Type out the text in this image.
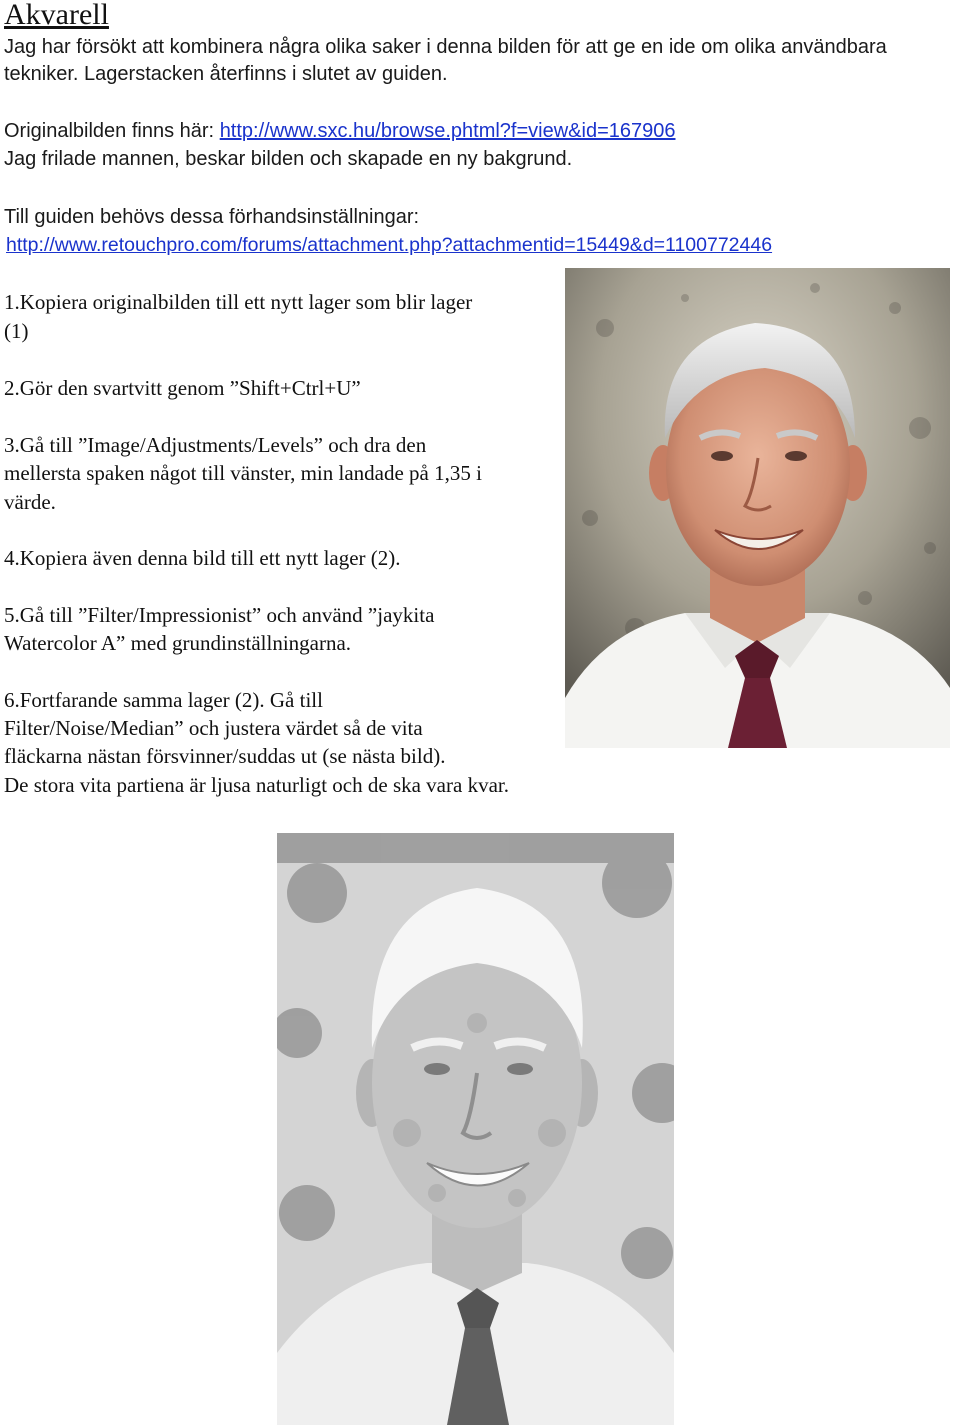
Akvarell
Jag har försökt att kombinera några olika saker i denna bilden för att ge en ide om olika användbara
tekniker. Lagerstacken återfinns i slutet av guiden.
Originalbilden finns här: http://www.sxc.hu/browse.phtml?f=view&id=167906
Jag frilade mannen, beskar bilden och skapade en ny bakgrund.
Till guiden behövs dessa förhandsinställningar:
http://www.retouchpro.com/forums/attachment.php?attachmentid=15449&d=1100772446
1.Kopiera originalbilden till ett nytt lager som blir lager
(1)
2.Gör den svartvitt genom ”Shift+Ctrl+U”
3.Gå till ”Image/Adjustments/Levels” och dra den
mellersta spaken något till vänster, min landade på 1,35 i
värde.
4.Kopiera även denna bild till ett nytt lager (2).
5.Gå till ”Filter/Impressionist” och använd ”jaykita
Watercolor A” med grundinställningarna.
6.Fortfarande samma lager (2). Gå till
Filter/Noise/Median” och justera värdet så de vita
fläckarna nästan försvinner/suddas ut (se nästa bild).
De stora vita partiena är ljusa naturligt och de ska vara kvar.
